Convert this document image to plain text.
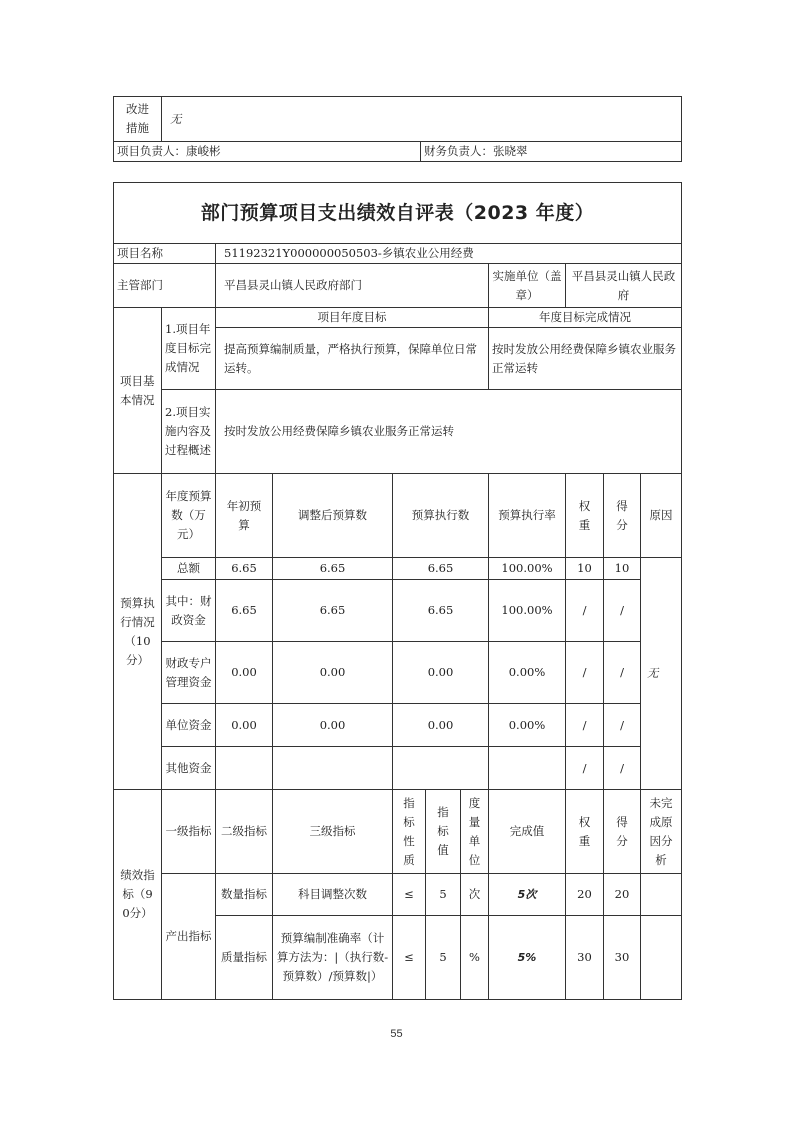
改进措施	无	
项目负责人：康峻彬		财务负责人：张晓翠
部门预算项目支出绩效自评表（2023 年度）										
项目名称		51192321Y000000050503-乡镇农业公用经费								
主管部门		平昌县灵山镇人民政府部门					实施单位（盖章）	平昌县灵山镇人民政府		
项目基本情况	1.项目年度目标完成情况	项目年度目标					年度目标完成情况			
		提高预算编制质量，严格执行预算，保障单位日常运转。					按时发放公用经费保障乡镇农业服务正常运转			
	2.项目实施内容及过程概述	按时发放公用经费保障乡镇农业服务正常运转								
预算执行情况（10分）	年度预算数（万元）	年初预算	调整后预算数	预算执行数			预算执行率	权重	得分	原因
	总额	6.65	6.65	6.65			100.00%	10	10	无
	其中：财政资金	6.65	6.65	6.65			100.00%	/	/	
	财政专户管理资金	0.00	0.00	0.00			0.00%	/	/	
	单位资金	0.00	0.00	0.00			0.00%	/	/	
	其他资金							/	/	
绩效指标（90分）	一级指标	二级指标	三级指标	指标性质	指标值	度量单位	完成值	权重	得分	未完成原因分析
	产出指标	数量指标	科目调整次数	≤	5	次	5次	20	20	
		质量指标	预算编制准确率（计算方法为：|（执行数-预算数）/预算数|）	≤	5	%	5%	30	30	
55
